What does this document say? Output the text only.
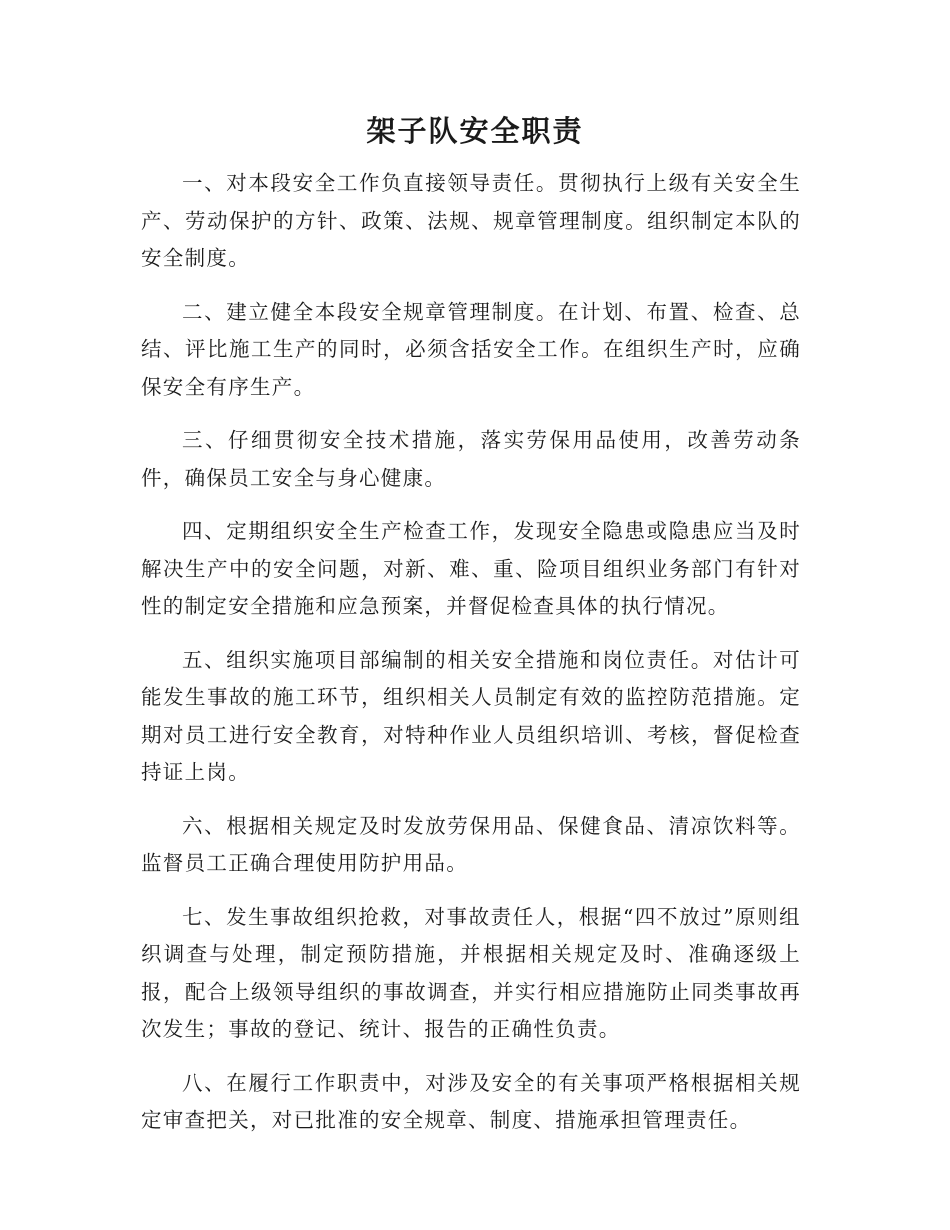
架子队安全职责

一、对本段安全工作负直接领导责任。贯彻执行上级有关安全生产、劳动保护的方针、政策、法规、规章管理制度。组织制定本队的安全制度。

二、建立健全本段安全规章管理制度。在计划、布置、检查、总结、评比施工生产的同时，必须含括安全工作。在组织生产时，应确保安全有序生产。

三、仔细贯彻安全技术措施，落实劳保用品使用，改善劳动条件，确保员工安全与身心健康。

四、定期组织安全生产检查工作，发现安全隐患或隐患应当及时解决生产中的安全问题，对新、难、重、险项目组织业务部门有针对性的制定安全措施和应急预案，并督促检查具体的执行情况。

五、组织实施项目部编制的相关安全措施和岗位责任。对估计可能发生事故的施工环节，组织相关人员制定有效的监控防范措施。定期对员工进行安全教育，对特种作业人员组织培训、考核，督促检查持证上岗。

六、根据相关规定及时发放劳保用品、保健食品、清凉饮料等。监督员工正确合理使用防护用品。

七、发生事故组织抢救，对事故责任人，根据“四不放过”原则组织调查与处理，制定预防措施，并根据相关规定及时、准确逐级上报，配合上级领导组织的事故调查，并实行相应措施防止同类事故再次发生；事故的登记、统计、报告的正确性负责。

八、在履行工作职责中，对涉及安全的有关事项严格根据相关规定审查把关，对已批准的安全规章、制度、措施承担管理责任。
